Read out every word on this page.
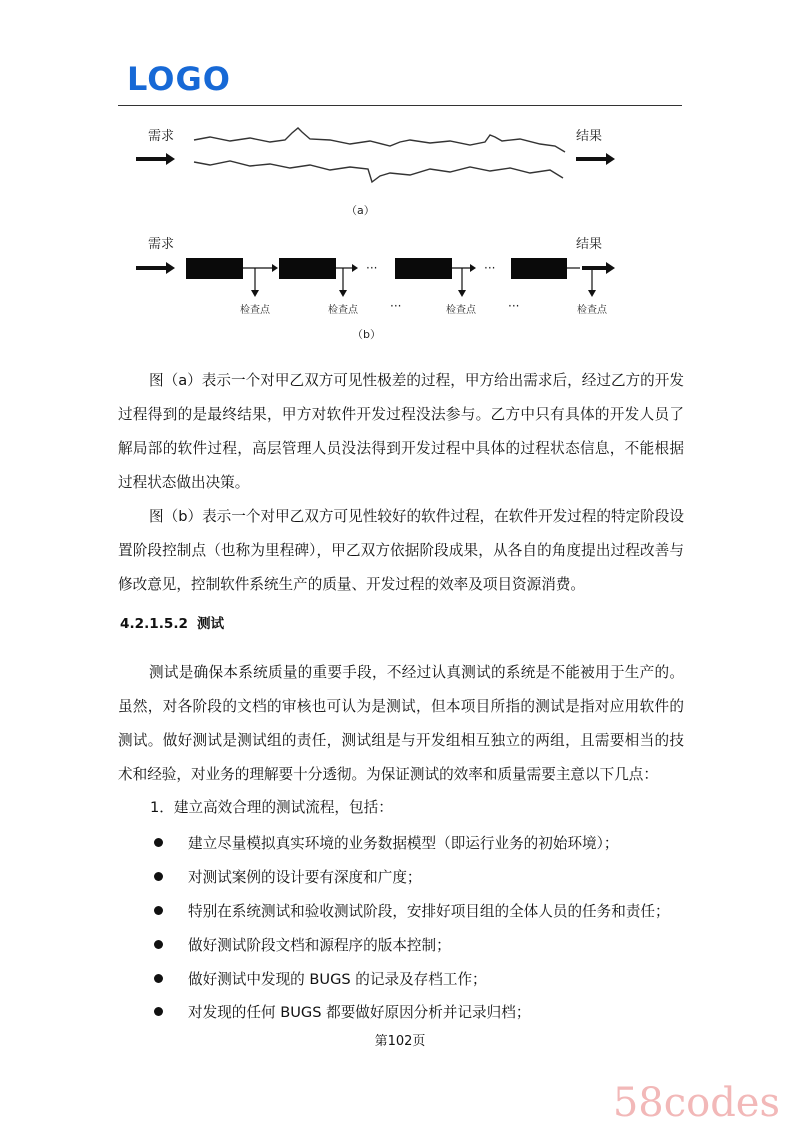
LOGO
需求	结果
（a）
需求
检查点	检查点
···
···	检查点
···
···	检查点
结果
（b）

图（a）表示一个对甲乙双方可见性极差的过程，甲方给出需求后，经过乙方的开发过程得到的是最终结果，甲方对软件开发过程没法参与。乙方中只有具体的开发人员了解局部的软件过程，高层管理人员没法得到开发过程中具体的过程状态信息，不能根据过程状态做出决策。

图（b）表示一个对甲乙双方可见性较好的软件过程，在软件开发过程的特定阶段设置阶段控制点（也称为里程碑），甲乙双方依据阶段成果，从各自的角度提出过程改善与修改意见，控制软件系统生产的质量、开发过程的效率及项目资源消费。

4.2.1.5.2 测试

测试是确保本系统质量的重要手段，不经过认真测试的系统是不能被用于生产的。虽然，对各阶段的文档的审核也可认为是测试，但本项目所指的测试是指对应用软件的测试。做好测试是测试组的责任，测试组是与开发组相互独立的两组，且需要相当的技术和经验，对业务的理解要十分透彻。为保证测试的效率和质量需要主意以下几点：

1．建立高效合理的测试流程，包括：

建立尽量模拟真实环境的业务数据模型（即运行业务的初始环境）；
对测试案例的设计要有深度和广度；
特别在系统测试和验收测试阶段，安排好项目组的全体人员的任务和责任；
做好测试阶段文档和源程序的版本控制；
做好测试中发现的 BUGS 的记录及存档工作；
对发现的任何 BUGS 都要做好原因分析并记录归档；
第102页
58codes
